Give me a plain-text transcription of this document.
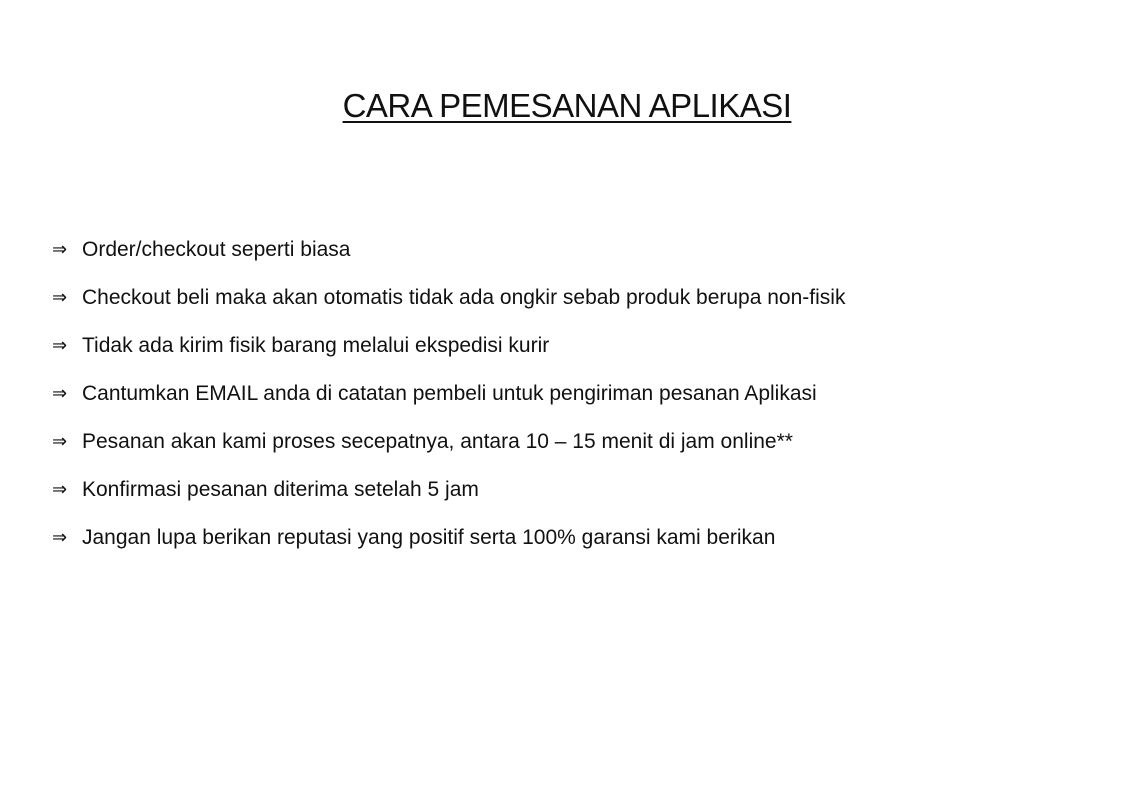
CARA PEMESANAN APLIKASI
⇒ Order/checkout seperti biasa
⇒ Checkout beli maka akan otomatis tidak ada ongkir sebab produk berupa non-fisik
⇒ Tidak ada kirim fisik barang melalui ekspedisi kurir
⇒ Cantumkan EMAIL anda di catatan pembeli untuk pengiriman pesanan Aplikasi
⇒ Pesanan akan kami proses secepatnya, antara 10 – 15 menit di jam online**
⇒ Konfirmasi pesanan diterima setelah 5 jam
⇒ Jangan lupa berikan reputasi yang positif serta 100% garansi kami berikan
